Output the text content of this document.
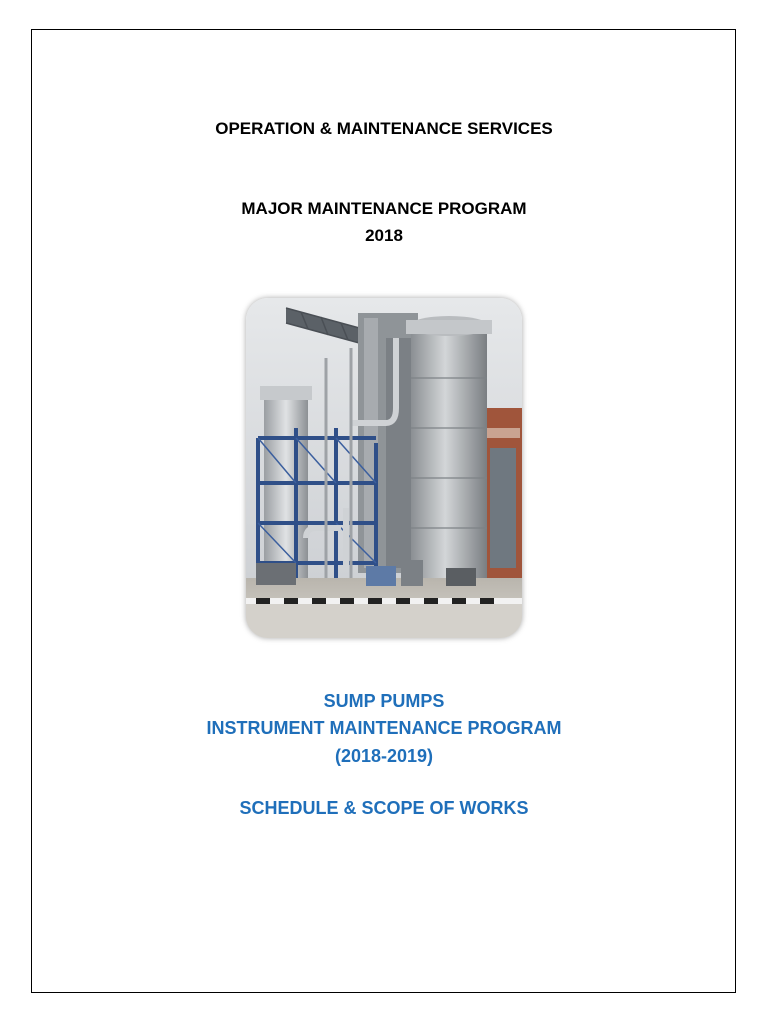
OPERATION & MAINTENANCE SERVICES

MAJOR MAINTENANCE PROGRAM

2018

SUMP PUMPS

INSTRUMENT MAINTENANCE PROGRAM

(2018-2019)

SCHEDULE & SCOPE OF WORKS
